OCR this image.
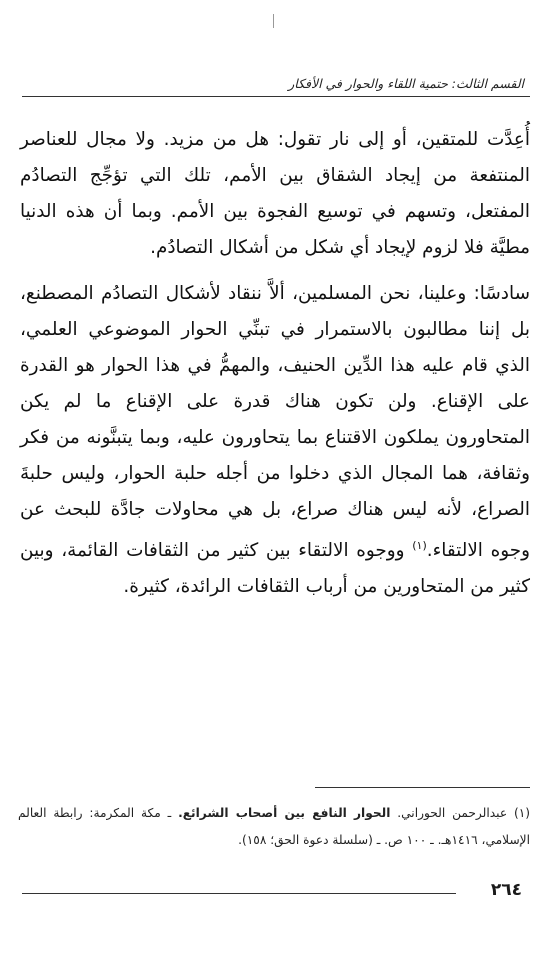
القسم الثالث: حتمية اللقاء والحوار في الأفكار

أُعِدَّت للمتقين، أو إلى نار تقول: هل من مزيد. ولا مجال للعناصر المنتفعة من إيجاد الشقاق بين الأمم، تلك التي تؤجِّج التصادُم المفتعل، وتسهم في توسيع الفجوة بين الأمم. وبما أن هذه الدنيا مطيَّة فلا لزوم لإيجاد أي شكل من أشكال التصادُم.

سادسًا: وعلينا، نحن المسلمين، ألاَّ ننقاد لأشكال التصادُم المصطنع، بل إننا مطالبون بالاستمرار في تبنِّي الحوار الموضوعي العلمي، الذي قام عليه هذا الدِّين الحنيف، والمهمُّ في هذا الحوار هو القدرة على الإقناع. ولن تكون هناك قدرة على الإقناع ما لم يكن المتحاورون يملكون الاقتناع بما يتحاورون عليه، وبما يتبنَّونه من فكر وثقافة، هما المجال الذي دخلوا من أجله حلبة الحوار، وليس حلبةَ الصراع، لأنه ليس هناك صراع، بل هي محاولات جادَّة للبحث عن وجوه الالتقاء.$^{(١)}$ ووجوه الالتقاء بين كثير من الثقافات القائمة، وبين كثير من المتحاورين من أرباب الثقافات الرائدة، كثيرة.

(١) عبدالرحمن الحوراني. الحوار النافع بين أصحاب الشرائع. ـ مكة المكرمة: رابطة العالم الإسلامي، ١٤١٦هـ. ـ ١٠٠ ص. ـ (سلسلة دعوة الحق؛ ١٥٨).
٢٦٤
